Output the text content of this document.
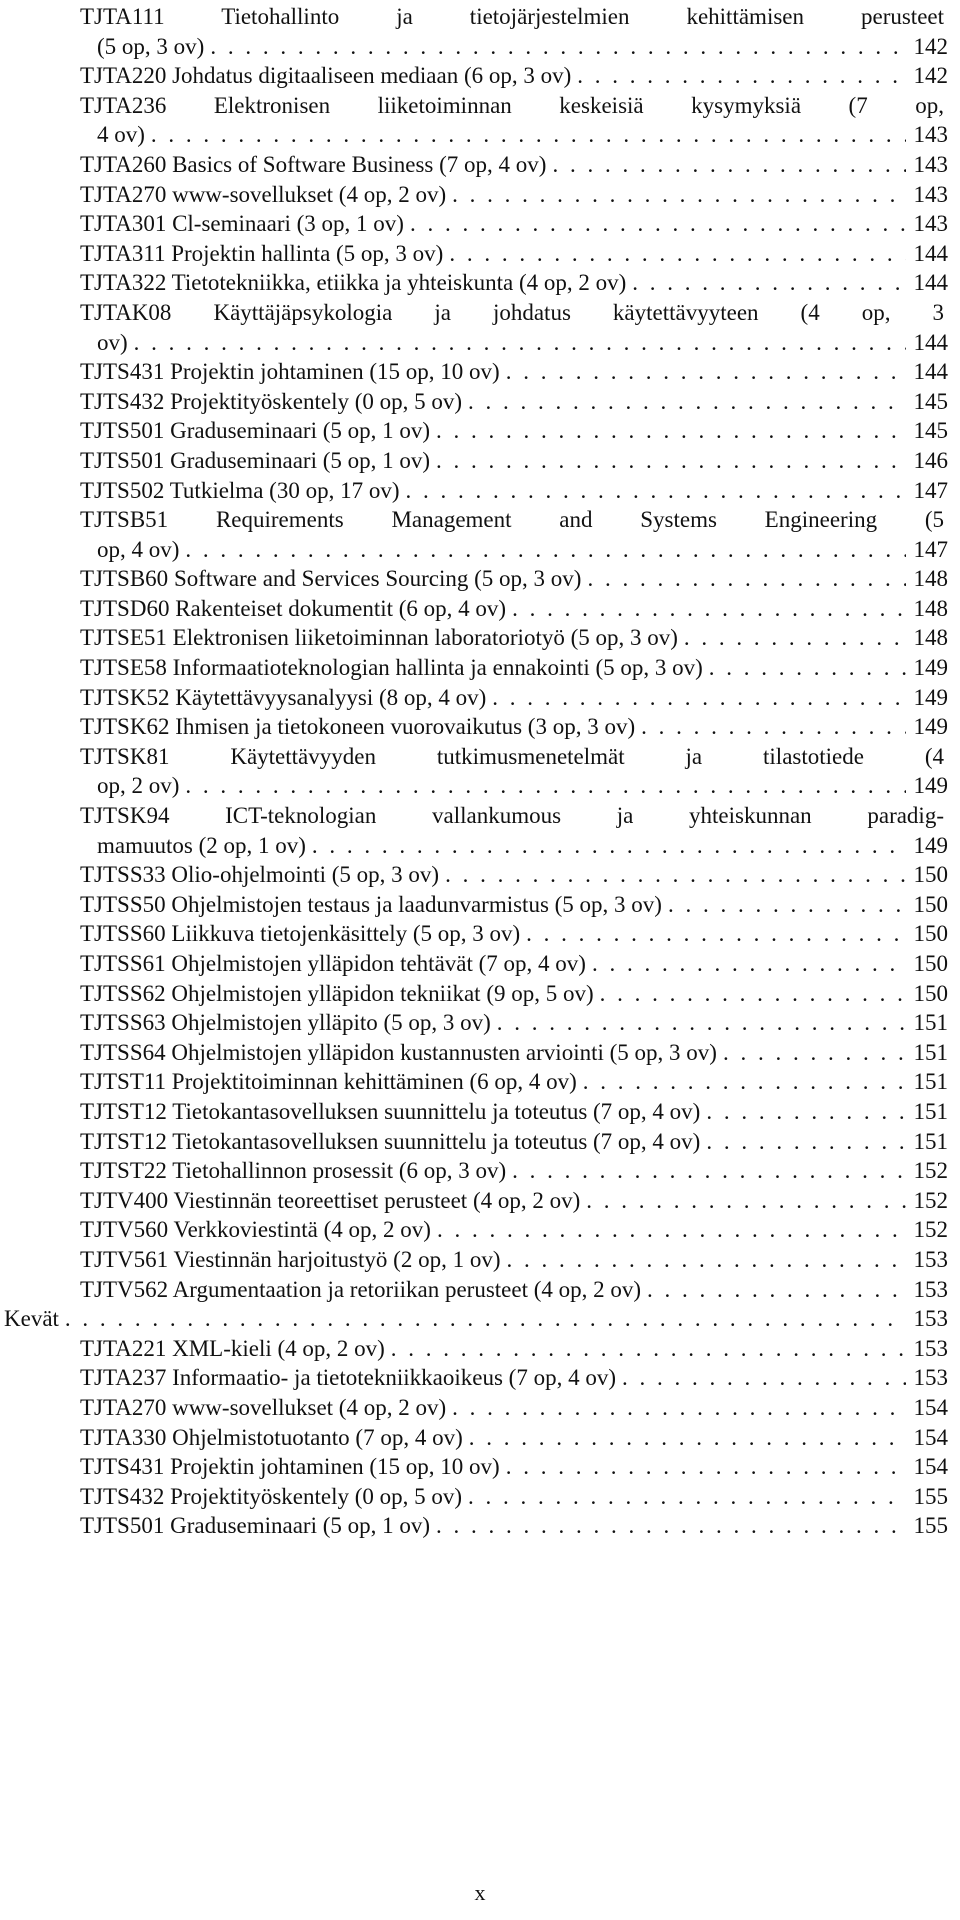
TJTA111 Tietohallinto ja tietojärjestelmien kehittämisen perusteet
(5 op, 3 ov) . . .	142
TJTA220 Johdatus digitaaliseen mediaan (6 op, 3 ov) . . .	142
TJTA236 Elektronisen liiketoiminnan keskeisiä kysymyksiä (7 op,
4 ov) . . .	143
TJTA260 Basics of Software Business (7 op, 4 ov) . . .	143
TJTA270 www-sovellukset (4 op, 2 ov) . . .	143
TJTA301 Cl-seminaari (3 op, 1 ov) . . .	143
TJTA311 Projektin hallinta (5 op, 3 ov) . . .	144
TJTA322 Tietotekniikka, etiikka ja yhteiskunta (4 op, 2 ov) . . .	144
TJTAK08 Käyttäjäpsykologia ja johdatus käytettävyyteen (4 op, 3
ov) . . .	144
TJTS431 Projektin johtaminen (15 op, 10 ov) . . .	144
TJTS432 Projektityöskentely (0 op, 5 ov) . . .	145
TJTS501 Graduseminaari (5 op, 1 ov) . . .	145
TJTS501 Graduseminaari (5 op, 1 ov) . . .	146
TJTS502 Tutkielma (30 op, 17 ov) . . .	147
TJTSB51 Requirements Management and Systems Engineering (5
op, 4 ov) . . .	147
TJTSB60 Software and Services Sourcing (5 op, 3 ov) . . .	148
TJTSD60 Rakenteiset dokumentit (6 op, 4 ov) . . .	148
TJTSE51 Elektronisen liiketoiminnan laboratoriotyö (5 op, 3 ov) . . .	148
TJTSE58 Informaatioteknologian hallinta ja ennakointi (5 op, 3 ov) . . .	149
TJTSK52 Käytettävyysanalyysi (8 op, 4 ov) . . .	149
TJTSK62 Ihmisen ja tietokoneen vuorovaikutus (3 op, 3 ov) . . .	149
TJTSK81	Käytettävyyden tutkimusmenetelmät ja tilastotiede (4
op, 2 ov) . . .	149
TJTSK94 ICT-teknologian vallankumous ja yhteiskunnan paradig-
mamuutos (2 op, 1 ov) . . .	149
TJTSS33 Olio-ohjelmointi (5 op, 3 ov) . . .	150
TJTSS50 Ohjelmistojen testaus ja laadunvarmistus (5 op, 3 ov) . . .	150
TJTSS60 Liikkuva tietojenkäsittely (5 op, 3 ov) . . .	150
TJTSS61 Ohjelmistojen ylläpidon tehtävät (7 op, 4 ov) . . .	150
TJTSS62 Ohjelmistojen ylläpidon tekniikat (9 op, 5 ov) . . .	150
TJTSS63 Ohjelmistojen ylläpito (5 op, 3 ov) . . .	151
TJTSS64 Ohjelmistojen ylläpidon kustannusten arviointi (5 op, 3 ov) . . .	151
TJTST11 Projektitoiminnan kehittäminen (6 op, 4 ov) . . .	151
TJTST12 Tietokantasovelluksen suunnittelu ja toteutus (7 op, 4 ov) . . .	151
TJTST12 Tietokantasovelluksen suunnittelu ja toteutus (7 op, 4 ov) . . .	151
TJTST22 Tietohallinnon prosessit (6 op, 3 ov) . . .	152
TJTV400 Viestinnän teoreettiset perusteet (4 op, 2 ov) . . .	152
TJTV560 Verkkoviestintä (4 op, 2 ov) . . .	152
TJTV561 Viestinnän harjoitustyö (2 op, 1 ov) . . .	153
TJTV562 Argumentaation ja retoriikan perusteet (4 op, 2 ov) . . .	153
Kevät . . .	153
TJTA221 XML-kieli (4 op, 2 ov) . . .	153
TJTA237 Informaatio- ja tietotekniikkaoikeus (7 op, 4 ov) . . .	153
TJTA270 www-sovellukset (4 op, 2 ov) . . .	154
TJTA330 Ohjelmistotuotanto (7 op, 4 ov) . . .	154
TJTS431 Projektin johtaminen (15 op, 10 ov) . . .	154
TJTS432 Projektityöskentely (0 op, 5 ov) . . .	155
TJTS501 Graduseminaari (5 op, 1 ov) . . .	155
x
